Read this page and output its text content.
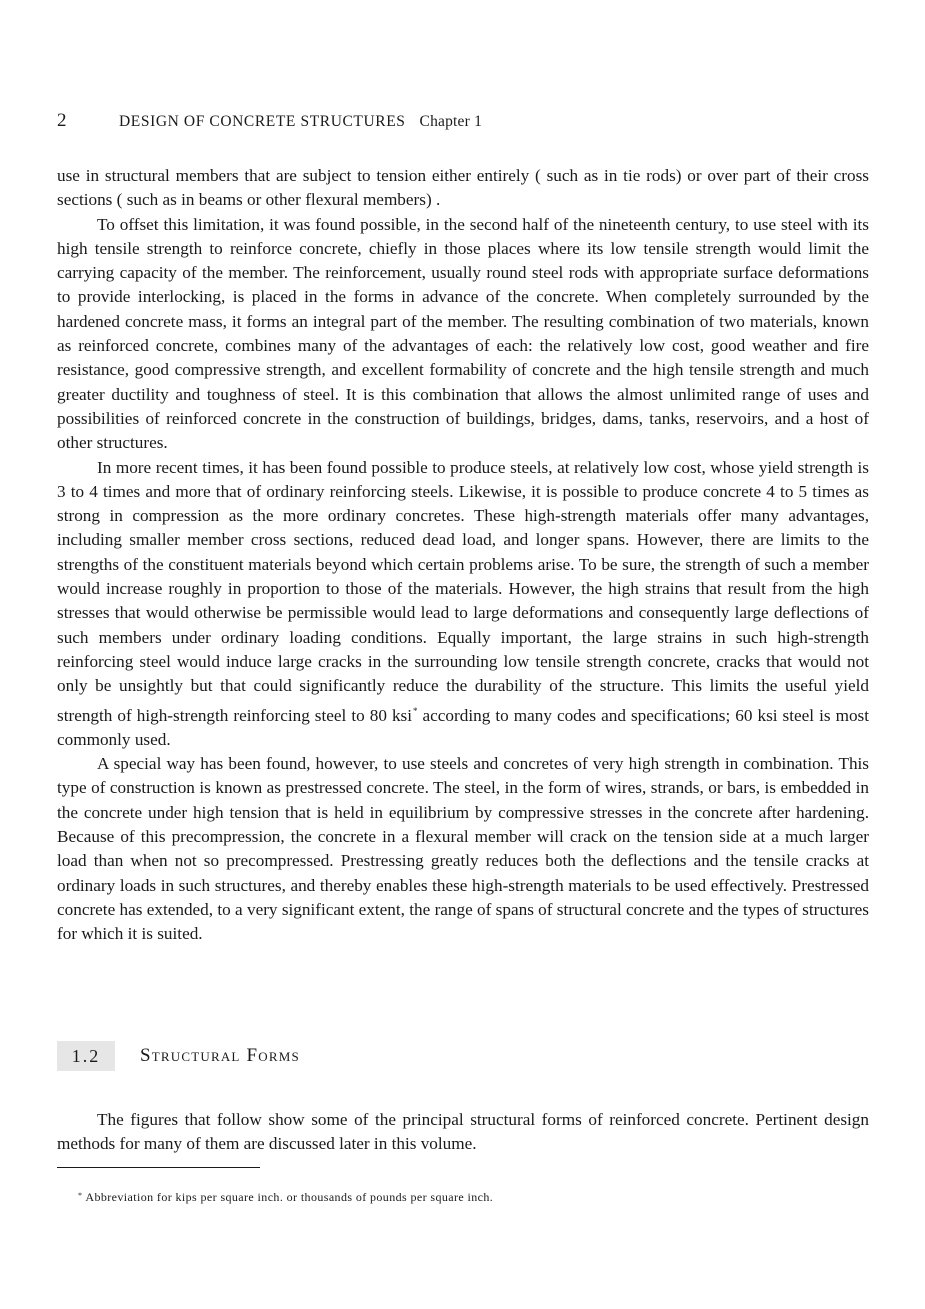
2	DESIGN OF CONCRETE STRUCTURES Chapter 1

use in structural members that are subject to tension either entirely ( such as in tie rods) or over part of their cross sections ( such as in beams or other flexural members) .

To offset this limitation, it was found possible, in the second half of the nineteenth century, to use steel with its high tensile strength to reinforce concrete, chiefly in those places where its low tensile strength would limit the carrying capacity of the member. The reinforcement, usually round steel rods with appropriate surface deformations to provide interlocking, is placed in the forms in advance of the concrete. When completely surrounded by the hardened concrete mass, it forms an integral part of the member. The resulting combination of two materials, known as reinforced concrete, combines many of the advantages of each: the relatively low cost, good weather and fire resistance, good compressive strength, and excellent formability of concrete and the high tensile strength and much greater ductility and toughness of steel. It is this combination that allows the almost unlimited range of uses and possibilities of reinforced concrete in the construction of buildings, bridges, dams, tanks, reservoirs, and a host of other structures.

In more recent times, it has been found possible to produce steels, at relatively low cost, whose yield strength is 3 to 4 times and more that of ordinary reinforcing steels. Likewise, it is possible to produce concrete 4 to 5 times as strong in compression as the more ordinary concretes. These high-strength materials offer many advantages, including smaller member cross sections, reduced dead load, and longer spans. However, there are limits to the strengths of the constituent materials beyond which certain problems arise. To be sure, the strength of such a member would increase roughly in proportion to those of the materials. However, the high strains that result from the high stresses that would otherwise be permissible would lead to large deformations and consequently large deflections of such members under ordinary loading conditions. Equally important, the large strains in such high-strength reinforcing steel would induce large cracks in the surrounding low tensile strength concrete, cracks that would not only be unsightly but that could significantly reduce the durability of the structure. This limits the useful yield strength of high-strength reinforcing steel to 80 ksi* according to many codes and specifications; 60 ksi steel is most commonly used.

A special way has been found, however, to use steels and concretes of very high strength in combination. This type of construction is known as prestressed concrete. The steel, in the form of wires, strands, or bars, is embedded in the concrete under high tension that is held in equilibrium by compressive stresses in the concrete after hardening. Because of this precompression, the concrete in a flexural member will crack on the tension side at a much larger load than when not so precompressed. Prestressing greatly reduces both the deflections and the tensile cracks at ordinary loads in such structures, and thereby enables these high-strength materials to be used effectively. Prestressed concrete has extended, to a very significant extent, the range of spans of structural concrete and the types of structures for which it is suited.

1.2	Structural Forms

The figures that follow show some of the principal structural forms of reinforced concrete. Pertinent design methods for many of them are discussed later in this volume.

* Abbreviation for kips per square inch. or thousands of pounds per square inch.
